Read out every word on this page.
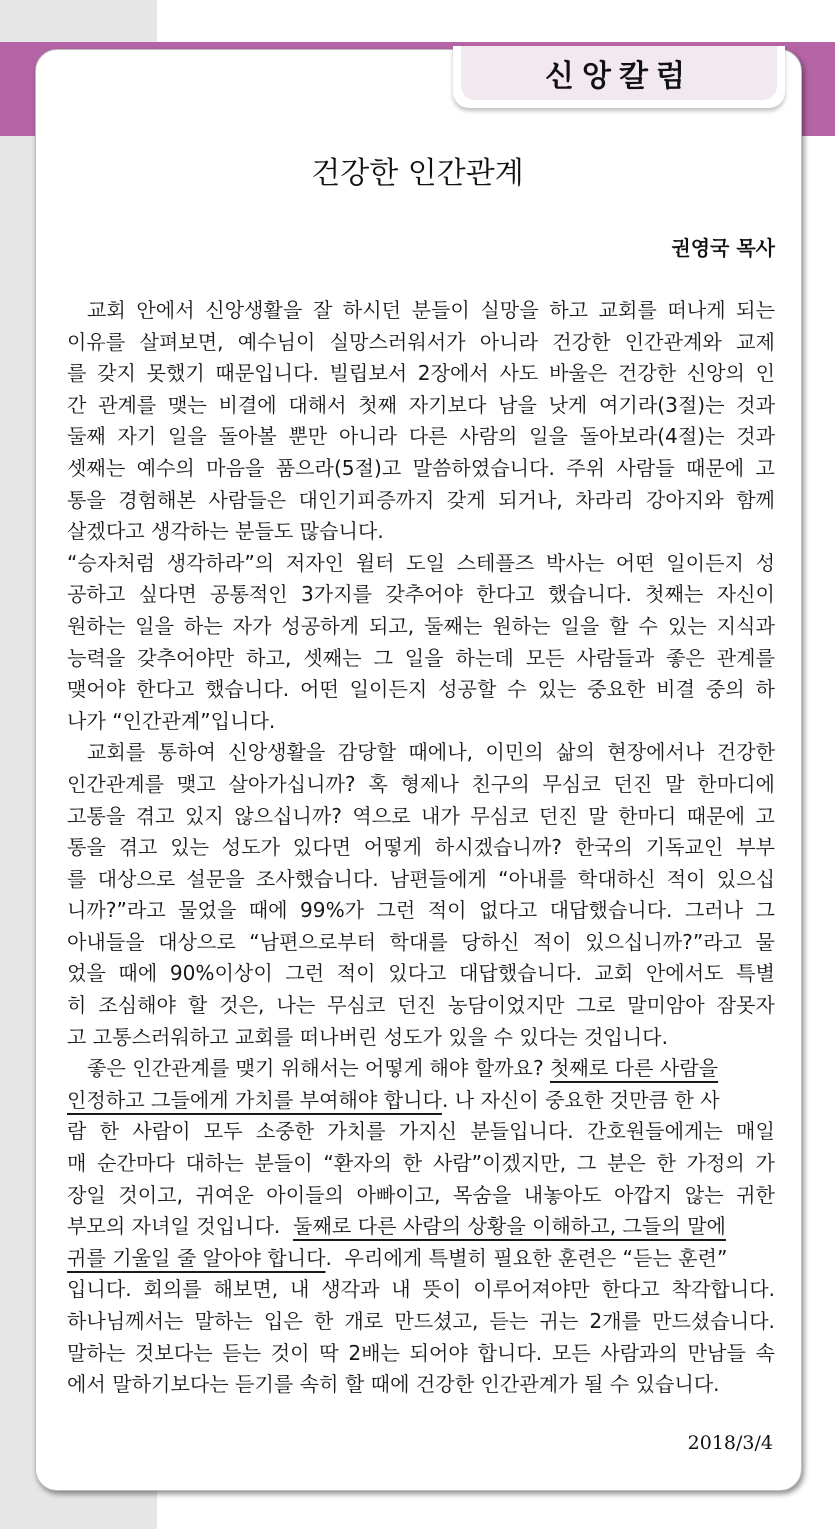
신앙칼럼
건강한 인간관계
권영국 목사
교회 안에서 신앙생활을 잘 하시던 분들이 실망을 하고 교회를 떠나게 되는
이유를 살펴보면, 예수님이 실망스러워서가 아니라 건강한 인간관계와 교제
를 갖지 못했기 때문입니다. 빌립보서 2장에서 사도 바울은 건강한 신앙의 인
간 관계를 맺는 비결에 대해서 첫째 자기보다 남을 낫게 여기라(3절)는 것과
둘째 자기 일을 돌아볼 뿐만 아니라 다른 사람의 일을 돌아보라(4절)는 것과
셋째는 예수의 마음을 품으라(5절)고 말씀하였습니다. 주위 사람들 때문에 고
통을 경험해본 사람들은 대인기피증까지 갖게 되거나, 차라리 강아지와 함께
살겠다고 생각하는 분들도 많습니다.
“승자처럼 생각하라”의 저자인 윌터 도일 스테플즈 박사는 어떤 일이든지 성
공하고 싶다면 공통적인 3가지를 갖추어야 한다고 했습니다. 첫째는 자신이
원하는 일을 하는 자가 성공하게 되고, 둘째는 원하는 일을 할 수 있는 지식과
능력을 갖추어야만 하고, 셋째는 그 일을 하는데 모든 사람들과 좋은 관계를
맺어야 한다고 했습니다. 어떤 일이든지 성공할 수 있는 중요한 비결 중의 하
나가 “인간관계”입니다.
교회를 통하여 신앙생활을 감당할 때에나, 이민의 삶의 현장에서나 건강한
인간관계를 맺고 살아가십니까? 혹 형제나 친구의 무심코 던진 말 한마디에
고통을 겪고 있지 않으십니까? 역으로 내가 무심코 던진 말 한마디 때문에 고
통을 겪고 있는 성도가 있다면 어떻게 하시겠습니까? 한국의 기독교인 부부
를 대상으로 설문을 조사했습니다. 남편들에게 “아내를 학대하신 적이 있으십
니까?”라고 물었을 때에 99%가 그런 적이 없다고 대답했습니다. 그러나 그
아내들을 대상으로 “남편으로부터 학대를 당하신 적이 있으십니까?”라고 물
었을 때에 90%이상이 그런 적이 있다고 대답했습니다. 교회 안에서도 특별
히 조심해야 할 것은, 나는 무심코 던진 농담이었지만 그로 말미암아 잠못자
고 고통스러워하고 교회를 떠나버린 성도가 있을 수 있다는 것입니다.
좋은 인간관계를 맺기 위해서는 어떻게 해야 할까요? 첫째로 다른 사람을
인정하고 그들에게 가치를 부여해야 합니다 . 나 자신이 중요한 것만큼 한 사
람 한 사람이 모두 소중한 가치를 가지신 분들입니다. 간호원들에게는 매일
매 순간마다 대하는 분들이 “환자의 한 사람”이겠지만, 그 분은 한 가정의 가
장일 것이고, 귀여운 아이들의 아빠이고, 목숨을 내놓아도 아깝지 않는 귀한
부모의 자녀일 것입니다. 둘째로 다른 사람의 상황을 이해하고, 그들의 말에
귀를 기울일 줄 알아야 합니다 .  우리에게 특별히 필요한 훈련은 “듣는 훈련”
입니다. 회의를 해보면, 내 생각과 내 뜻이 이루어져야만 한다고 착각합니다.
하나님께서는 말하는 입은 한 개로 만드셨고, 듣는 귀는 2개를 만드셨습니다.
말하는 것보다는 듣는 것이 딱 2배는 되어야 합니다. 모든 사람과의 만남들 속
에서 말하기보다는 듣기를 속히 할 때에 건강한 인간관계가 될 수 있습니다.
2018/3/4
